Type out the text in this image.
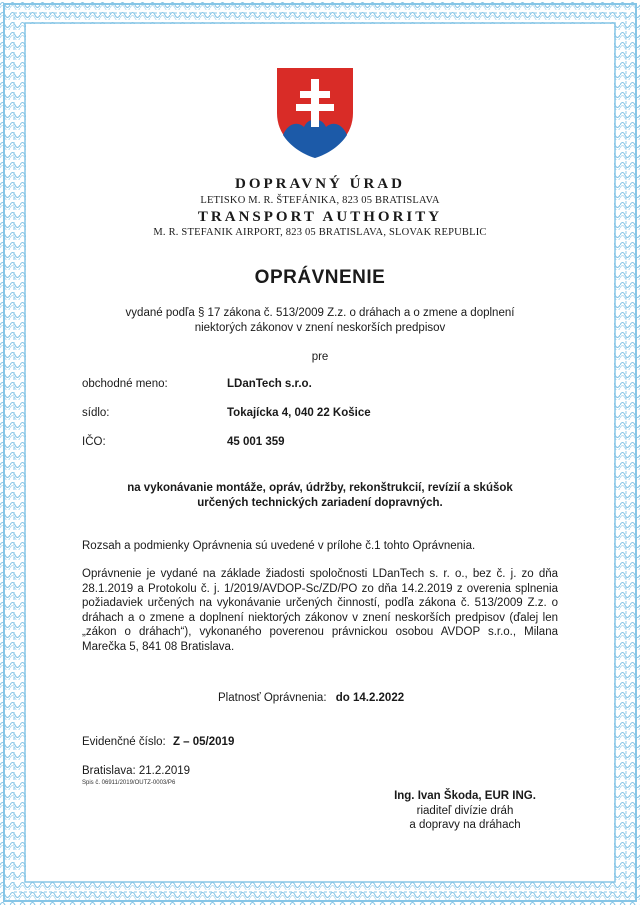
DOPRAVNÝ ÚRAD
LETISKO M. R. ŠTEFÁNIKA, 823 05 BRATISLAVA
TRANSPORT AUTHORITY
M. R. STEFANIK AIRPORT, 823 05 BRATISLAVA, SLOVAK REPUBLIC
OPRÁVNENIE
vydané podľa § 17 zákona č. 513/2009 Z.z. o dráhach a o zmene a doplnení
niektorých zákonov v znení neskorších predpisov
pre
obchodné meno:	LDanTech s.r.o.
sídlo:	Tokajícka 4, 040 22 Košice
IČO:	45 001 359
na vykonávanie montáže, opráv, údržby, rekonštrukcií, revízií a skúšok
určených technických zariadení dopravných.
Rozsah a podmienky Oprávnenia sú uvedené v prílohe č.1 tohto Oprávnenia.
Oprávnenie je vydané na základe žiadosti spoločnosti LDanTech s. r. o., bez č. j. zo dňa 28.1.2019 a Protokolu č. j. 1/2019/AVDOP-Sc/ZD/PO zo dňa 14.2.2019 z overenia splnenia požiadaviek určených na vykonávanie určených činností, podľa zákona č. 513/2009 Z.z. o dráhach a o zmene a doplnení niektorých zákonov v znení neskorších predpisov (ďalej len „zákon o dráhach“), vykonaného poverenou právnickou osobou AVDOP s.r.o., Milana Marečka 5, 841 08 Bratislava.
Platnosť Oprávnenia: do 14.2.2022
Evidenčné číslo: Z – 05/2019
Bratislava: 21.2.2019
Spis č. 06911/2019/OUTZ-0003/P6
Ing. Ivan Škoda, EUR ING.
riaditeľ divízie dráh
a dopravy na dráhach
